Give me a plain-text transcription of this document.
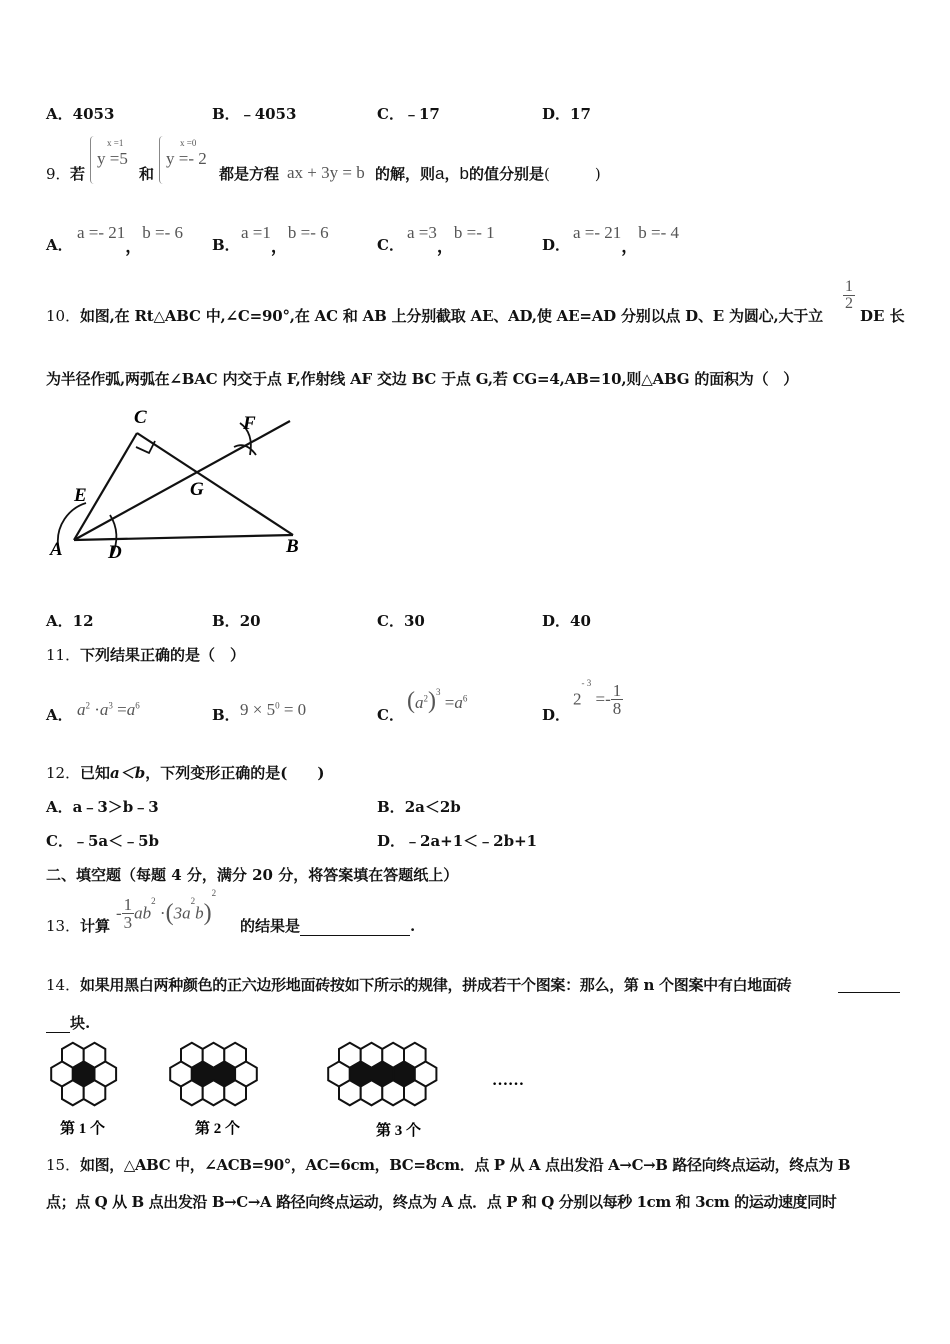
A．4053	B．﹣4053	C．﹣17	D．17
9． 若
x =1
y =5
和
x =0
y =- 2
都是方程 ax + 3y = b 的解，则a，b的值分别是(　　　)
A．
a =- 21，b =- 6
B．
a =1，b =- 6
C．
a =3，b =- 1
D．
a =- 21，b =- 4
10． 如图,在 Rt△ABC 中,∠C=90°,在 AC 和 AB 上分别截取 AE、AD,使 AE=AD 分别以点 D、E 为圆心,大于立
$\frac{1}{2}$
DE 长
为半径作弧,两弧在∠BAC 内交于点 F,作射线 AF 交边 BC 于点 G,若 CG=4,AB=10,则△ABG 的面积为（　）
C	F
E	G
A D	B
A．12	B．20	C．30	D．40
11． 下列结果正确的是（　）
A． $a^2 \cdot a^3 =a^6$
B． $9 \times 5^0 = 0$	C．
$(a^2)^3 =a^6$
D．
$2^{- 3} =- \frac{1}{8}$
12． 已知a＜b，下列变形正确的是(　　)
A．a﹣3＞b﹣3	B．2a＜2b
C．﹣5a＜﹣5b	D．﹣2a+1＜﹣2b+1
二、填空题（每题 4 分，满分 20 分，将答案填在答题纸上）
13． 计算
- $\frac{1}{3} ab^2 \cdot(3a^2b)^2$
的结果是	.
14． 如果用黑白两种颜色的正六边形地面砖按如下所示的规律，拼成若干个图案：那么，第 n 个图案中有白地面砖
块.
第 1 个	第 2 个	第 3 个
……
15． 如图，△ABC 中，∠ACB=90°，AC=6cm，BC=8cm．点 P 从 A 点出发沿 A→C→B 路径向终点运动，终点为 B
点；点 Q 从 B 点出发沿 B→C→A 路径向终点运动，终点为 A 点．点 P 和 Q 分别以每秒 1cm 和 3cm 的运动速度同时
